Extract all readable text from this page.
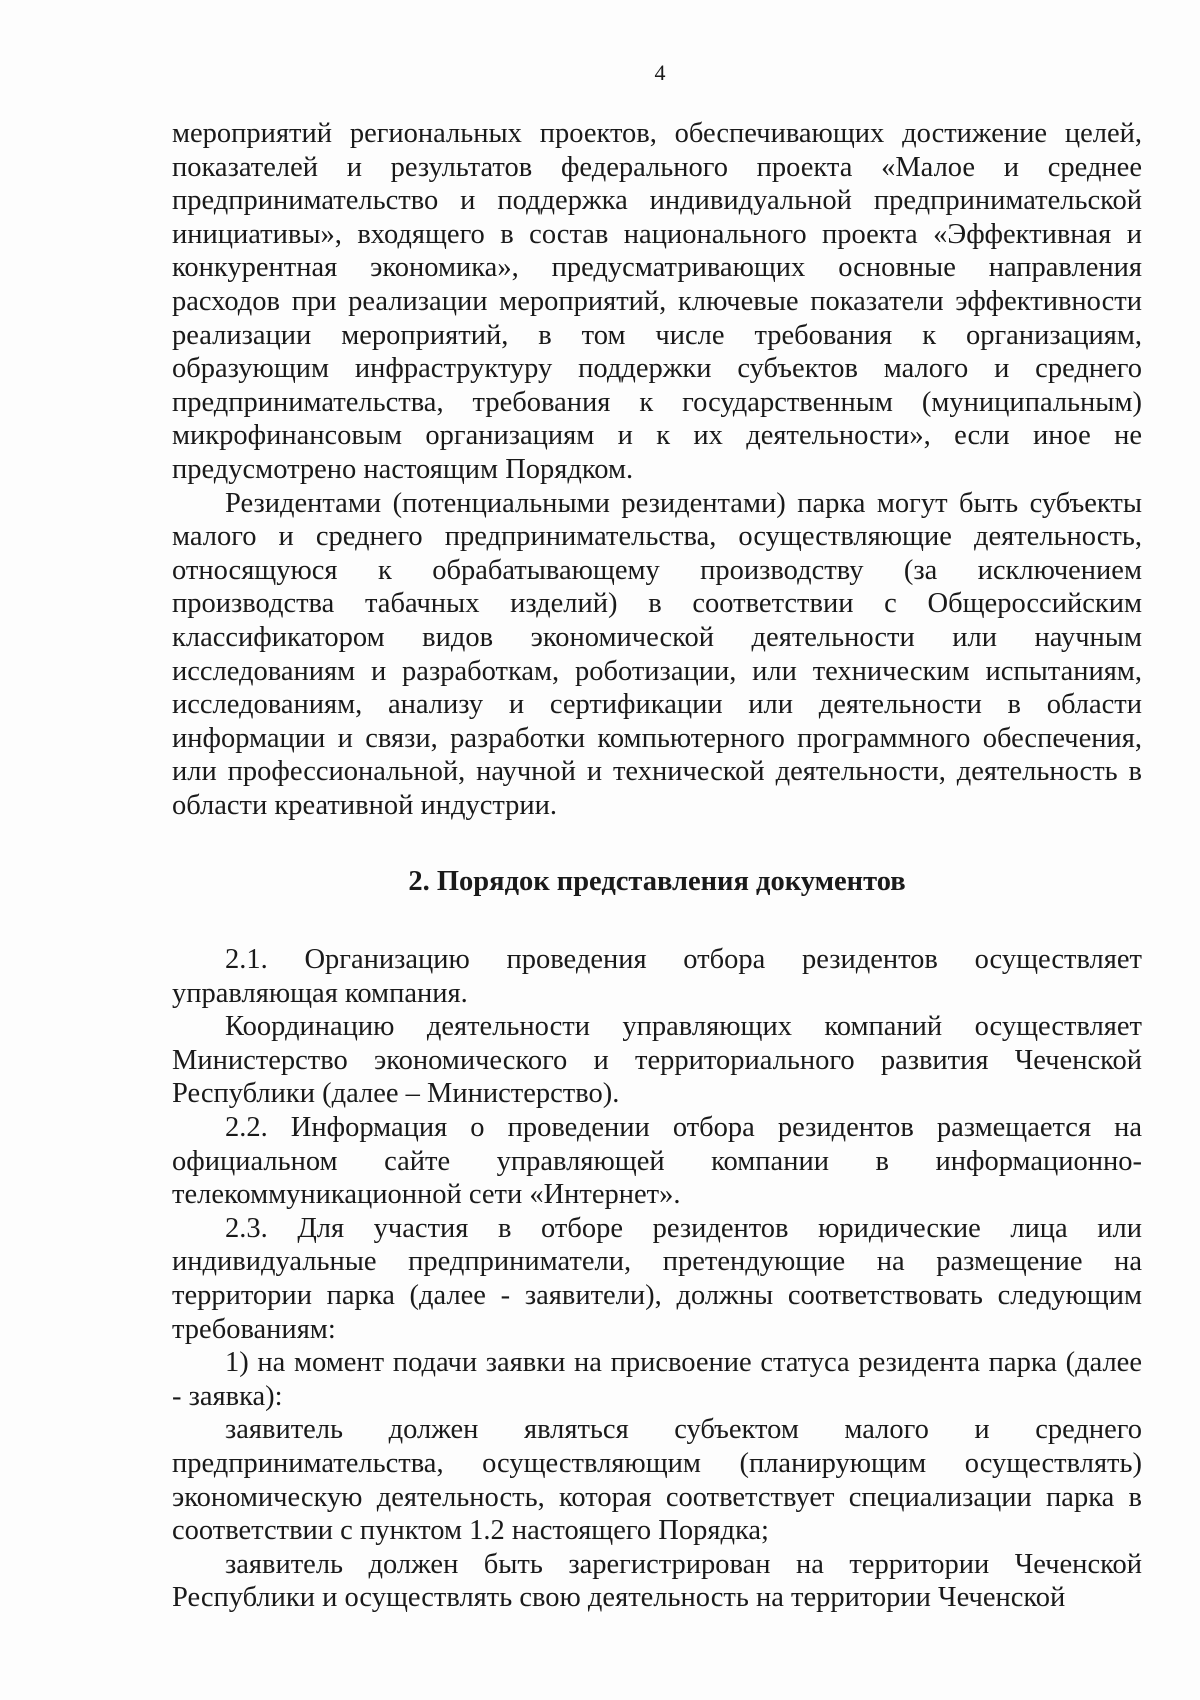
4

мероприятий региональных проектов, обеспечивающих достижение целей, показателей и результатов федерального проекта «Малое и среднее предпринимательство и поддержка индивидуальной предпринимательской инициативы», входящего в состав национального проекта «Эффективная и конкурентная экономика», предусматривающих основные направления расходов при реализации мероприятий, ключевые показатели эффективности реализации мероприятий, в том числе требования к организациям, образующим инфраструктуру поддержки субъектов малого и среднего предпринимательства, требования к государственным (муниципальным) микрофинансовым организациям и к их деятельности», если иное не предусмотрено настоящим Порядком.

Резидентами (потенциальными резидентами) парка могут быть субъекты малого и среднего предпринимательства, осуществляющие деятельность, относящуюся к обрабатывающему производству (за исключением производства табачных изделий) в соответствии с Общероссийским классификатором видов экономической деятельности или научным исследованиям и разработкам, роботизации, или техническим испытаниям, исследованиям, анализу и сертификации или деятельности в области информации и связи, разработки компьютерного программного обеспечения, или профессиональной, научной и технической деятельности, деятельность в области креативной индустрии.

2. Порядок представления документов

2.1. Организацию проведения отбора резидентов осуществляет управляющая компания.

Координацию деятельности управляющих компаний осуществляет Министерство экономического и территориального развития Чеченской Республики (далее – Министерство).

2.2. Информация о проведении отбора резидентов размещается на официальном сайте управляющей компании в информационно-телекоммуникационной сети «Интернет».

2.3. Для участия в отборе резидентов юридические лица или индивидуальные предприниматели, претендующие на размещение на территории парка (далее - заявители), должны соответствовать следующим требованиям:

1) на момент подачи заявки на присвоение статуса резидента парка (далее - заявка):

заявитель должен являться субъектом малого и среднего предпринимательства, осуществляющим (планирующим осуществлять) экономическую деятельность, которая соответствует специализации парка в соответствии с пунктом 1.2 настоящего Порядка;

заявитель должен быть зарегистрирован на территории Чеченской Республики и осуществлять свою деятельность на территории Чеченской
